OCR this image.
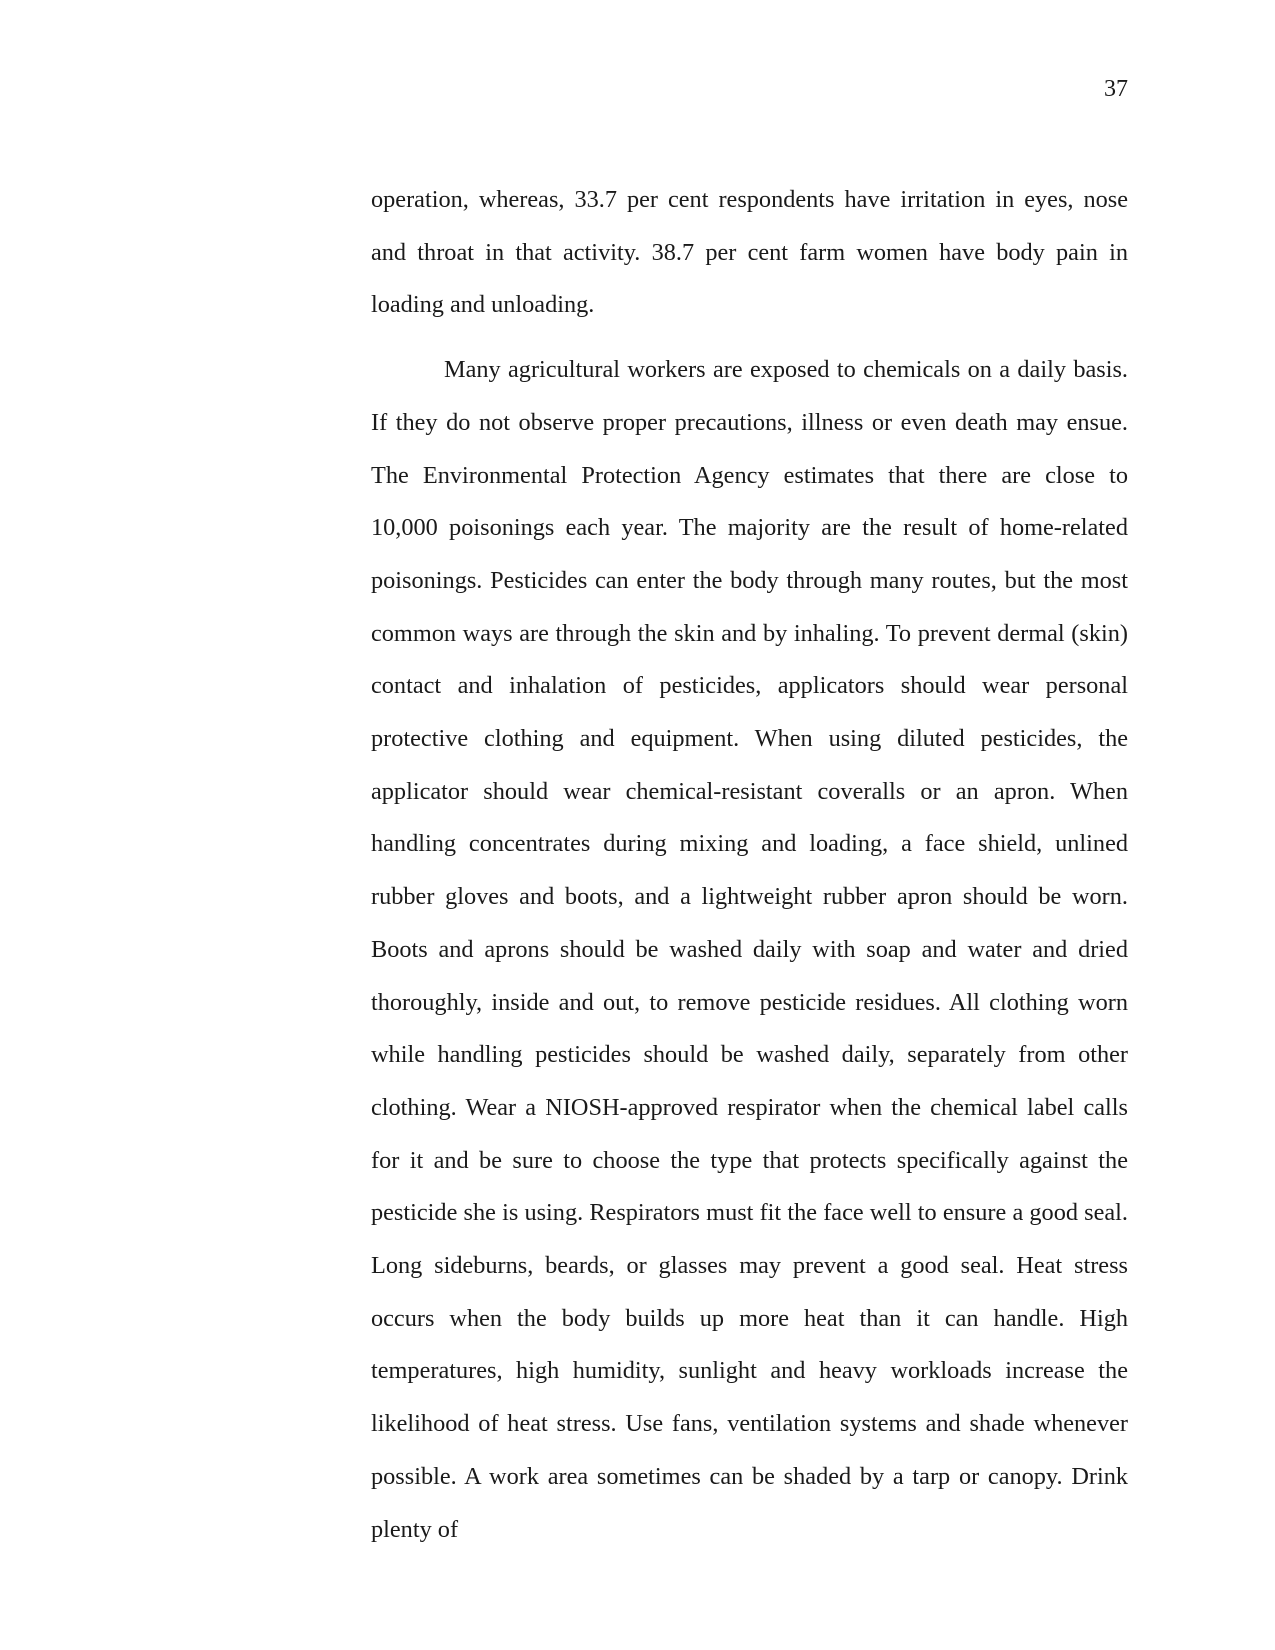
37

operation, whereas, 33.7 per cent respondents have irritation in eyes, nose and throat in that activity. 38.7 per cent farm women have body pain in loading and unloading.

Many agricultural workers are exposed to chemicals on a daily basis. If they do not observe proper precautions, illness or even death may ensue. The Environmental Protection Agency estimates that there are close to 10,000 poisonings each year. The majority are the result of home-related poisonings. Pesticides can enter the body through many routes, but the most common ways are through the skin and by inhaling. To prevent dermal (skin) contact and inhalation of pesticides, applicators should wear personal protective clothing and equipment. When using diluted pesticides, the applicator should wear chemical-resistant coveralls or an apron. When handling concentrates during mixing and loading, a face shield, unlined rubber gloves and boots, and a lightweight rubber apron should be worn. Boots and aprons should be washed daily with soap and water and dried thoroughly, inside and out, to remove pesticide residues. All clothing worn while handling pesticides should be washed daily, separately from other clothing. Wear a NIOSH-approved respirator when the chemical label calls for it and be sure to choose the type that protects specifically against the pesticide she is using. Respirators must fit the face well to ensure a good seal. Long sideburns, beards, or glasses may prevent a good seal. Heat stress occurs when the body builds up more heat than it can handle. High temperatures, high humidity, sunlight and heavy workloads increase the likelihood of heat stress. Use fans, ventilation systems and shade whenever possible. A work area sometimes can be shaded by a tarp or canopy. Drink plenty of
